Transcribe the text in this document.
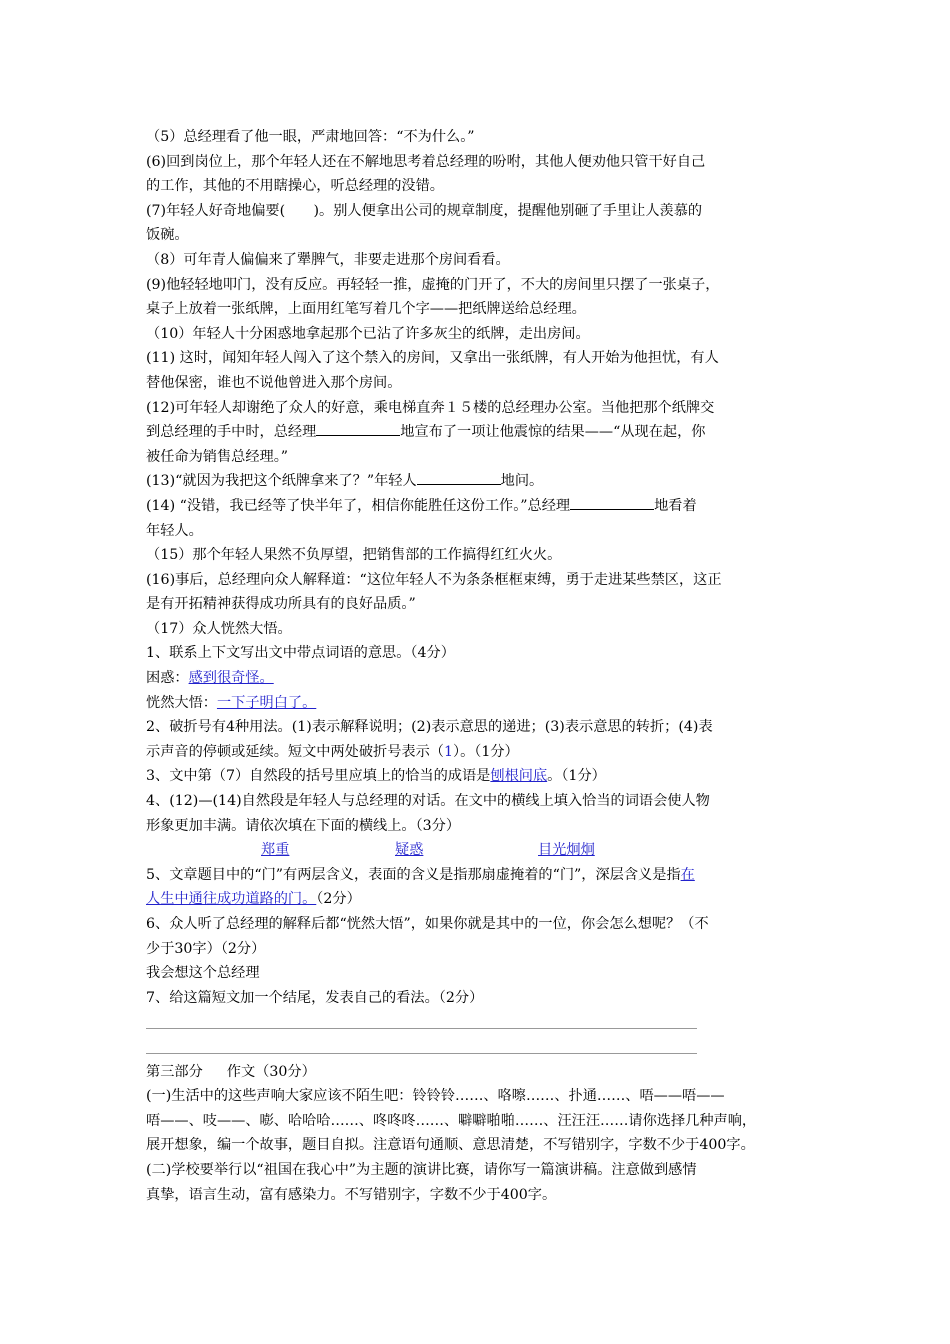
（5）总经理看了他一眼，严肃地回答：“不为什么。”
(6)回到岗位上，那个年轻人还在不解地思考着总经理的吩咐，其他人便劝他只管干好自己
的工作，其他的不用瞎操心，听总经理的没错。
(7)年轻人好奇地偏要(　　)。别人便拿出公司的规章制度，提醒他别砸了手里让人羡慕的
饭碗。
（8）可年青人偏偏来了犟脾气，非要走进那个房间看看。
(9)他轻轻地叩门，没有反应。再轻轻一推，虚掩的门开了，不大的房间里只摆了一张桌子，
桌子上放着一张纸牌，上面用红笔写着几个字——把纸牌送给总经理。
（10）年轻人十分困惑地拿起那个已沾了许多灰尘的纸牌，走出房间。
(11) 这时，闻知年轻人闯入了这个禁入的房间，又拿出一张纸牌，有人开始为他担忧，有人
替他保密，谁也不说他曾进入那个房间。
(12)可年轻人却谢绝了众人的好意，乘电梯直奔１５楼的总经理办公室。当他把那个纸牌交
到总经理的手中时，总经理	地宣布了一项让他震惊的结果——“从现在起，你
被任命为销售总经理。”
(13)“就因为我把这个纸牌拿来了？”年轻人	地问。
(14) “没错，我已经等了快半年了，相信你能胜任这份工作。”总经理	地看着
年轻人。
（15）那个年轻人果然不负厚望，把销售部的工作搞得红红火火。
(16)事后，总经理向众人解释道：“这位年轻人不为条条框框束缚，勇于走进某些禁区，这正
是有开拓精神获得成功所具有的良好品质。”
（17）众人恍然大悟。
1、联系上下文写出文中带点词语的意思。（4分）
困惑：感到很奇怪。
恍然大悟：一下子明白了。
2、破折号有4种用法。(1)表示解释说明；(2)表示意思的递进；(3)表示意思的转折；(4)表
示声音的停顿或延续。短文中两处破折号表示（1）。（1分）
3、文中第（7）自然段的括号里应填上的恰当的成语是刨根问底。（1分）
4、(12)—(14)自然段是年轻人与总经理的对话。在文中的横线上填入恰当的词语会使人物
形象更加丰满。请依次填在下面的横线上。（3分）
郑重	疑惑	目光炯炯
5、文章题目中的“门”有两层含义，表面的含义是指那扇虚掩着的“门”，深层含义是指在
人生中通往成功道路的门。（2分）
6、众人听了总经理的解释后都“恍然大悟”，如果你就是其中的一位，你会怎么想呢？（不
少于30字）（2分）
我会想这个总经理
7、给这篇短文加一个结尾，发表自己的看法。（2分）
第三部分 作文（30分）
(一)生活中的这些声响大家应该不陌生吧：铃铃铃……、咯嚓……、扑通……、唔——唔——
唔——、吱——、嘭、哈哈哈……、咚咚咚……、噼噼啪啪……、汪汪汪……请你选择几种声响，
展开想象，编一个故事，题目自拟。注意语句通顺、意思清楚，不写错别字，字数不少于400字。
(二)学校要举行以“祖国在我心中”为主题的演讲比赛，请你写一篇演讲稿。注意做到感情
真挚，语言生动，富有感染力。不写错别字，字数不少于400字。
